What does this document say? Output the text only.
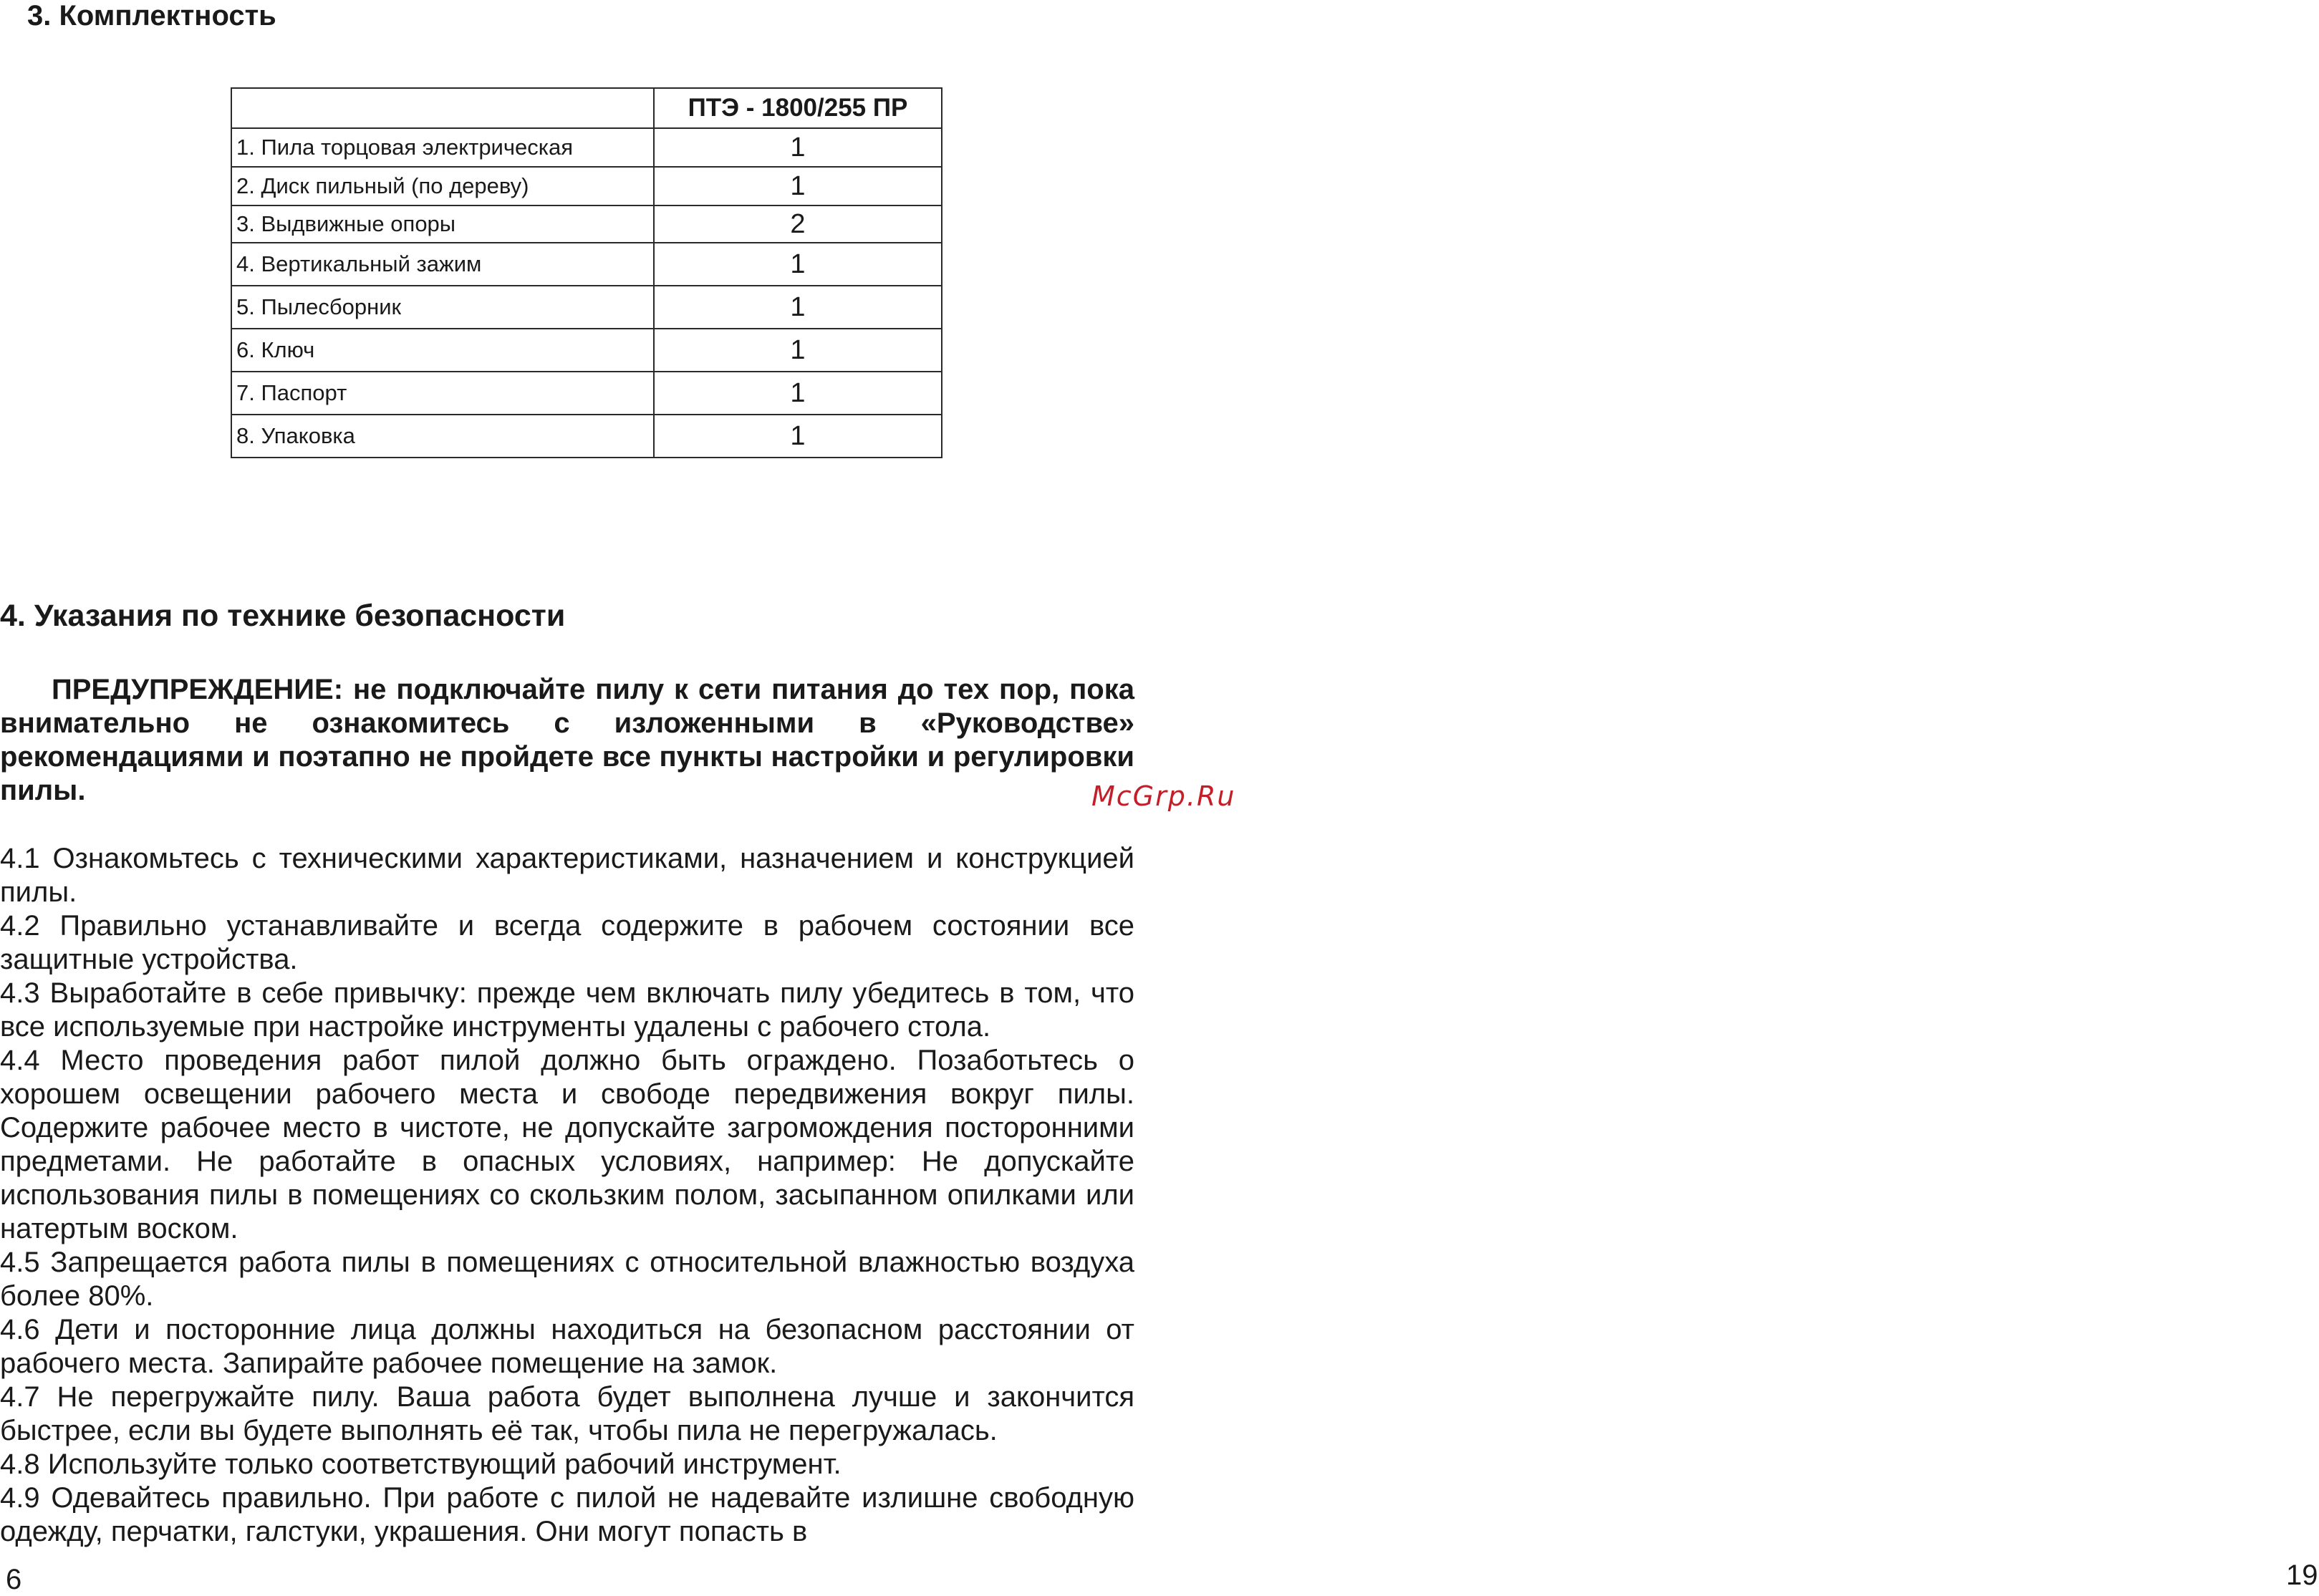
3. Комплектность
	ПТЭ - 1800/255 ПР
1. Пила торцовая электрическая	1
2. Диск пильный (по дереву)	1
3. Выдвижные опоры	2
4. Вертикальный зажим	1
5. Пылесборник	1
6. Ключ	1
7. Паспорт	1
8. Упаковка	1
4. Указания по технике безопасности

ПРЕДУПРЕЖДЕНИЕ: не подключайте пилу к сети питания до тех пор, пока внимательно не ознакомитесь с изложенными в «Руководстве» рекомендациями и поэтапно не пройдете все пункты настройки и регулировки пилы.	McGrp.Ru

4.1 Ознакомьтесь с техническими характеристиками, назначением и конструкцией пилы.

4.2 Правильно устанавливайте и всегда содержите в рабочем состоянии все защитные устройства.

4.3 Выработайте в себе привычку: прежде чем включать пилу убедитесь в том, что все используемые при настройке инструменты удалены с рабочего стола.

4.4 Место проведения работ пилой должно быть ограждено. Позаботьтесь о хорошем освещении рабочего места и свободе передвижения вокруг пилы. Содержите рабочее место в чистоте, не допускайте загромождения посторонними предметами. Не работайте в опасных условиях, например: Не допускайте использования пилы в помещениях со скользким полом, засыпанном опилками или натертым воском.

4.5 Запрещается работа пилы в помещениях с относительной влажностью воздуха более 80%.

4.6 Дети и посторонние лица должны находиться на безопасном расстоянии от рабочего места. Запирайте рабочее помещение на замок.

4.7 Не перегружайте пилу. Ваша работа будет выполнена лучше и закончится быстрее, если вы будете выполнять её так, чтобы пила не перегружалась.

4.8 Используйте только соответствующий рабочий инструмент.

4.9 Одевайтесь правильно. При работе с пилой не надевайте излишне свободную одежду, перчатки, галстуки, украшения. Они могут попасть в

6	19
